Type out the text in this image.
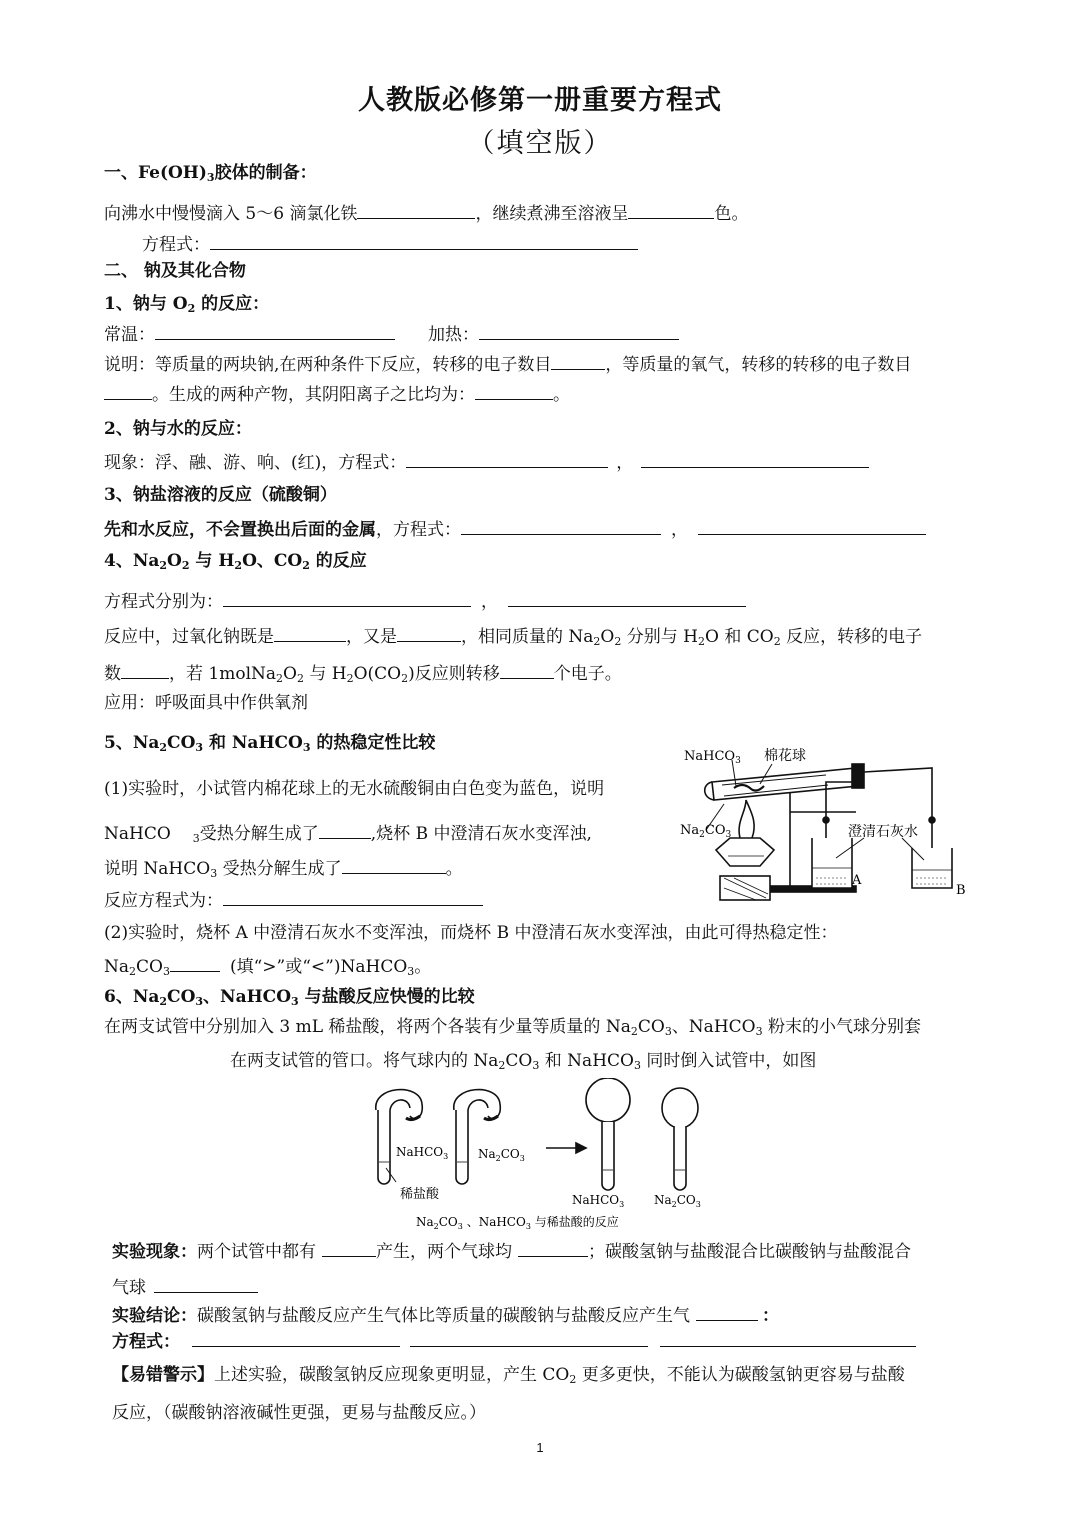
人教版必修第一册重要方程式
（填空版）
一、$Fe(OH)_3$胶体的制备：
向沸水中慢慢滴入 5～6 滴氯化铁	，继续煮沸至溶液呈	色。
方程式：
二、 钠及其化合物
1、钠与 $O_2$ 的反应：
常温：	加热：
说明：等质量的两块钠,在两种条件下反应，转移的电子数目	，等质量的氧气，转移的转移的电子数目
。生成的两种产物，其阴阳离子之比均为：	。
2、钠与水的反应：
现象：浮、融、游、响、(红)，方程式：	，
3、钠盐溶液的反应（硫酸铜）
先和水反应，不会置换出后面的金属，方程式：	，
4、$Na_2O_2$ 与 $H_2O$、$CO_2$ 的反应
方程式分别为：	，
反应中，过氧化钠既是	，又是	，相同质量的 $Na_2O_2$ 分别与 $H_2O$ 和 $CO_2$ 反应，转移的电子
数	，若 $1molNa_2O_2$ 与 $H_2O(CO_2)$反应则转移	个电子。
应用：呼吸面具中作供氧剂
5、$Na_2CO_3$ 和 NaHCO$_3$ 的热稳定性比较
(1)实验时，小试管内棉花球上的无水硫酸铜由白色变为蓝色，说明
NaHCO $_3$受热分解生成了	,烧杯 B 中澄清石灰水变浑浊,
说明 NaHCO$_3$ 受热分解生成了	。
反应方程式为：
(2)实验时，烧杯 A 中澄清石灰水不变浑浊，而烧杯 B 中澄清石灰水变浑浊，由此可得热稳定性：
$Na_2CO_3$	(填“>”或“<”)NaHCO$_3$。
NaHCO$_3$ 棉花球
$Na_2CO_3$	澄清石灰水
A
B
6、$Na_2CO_3$、NaHCO$_3$ 与盐酸反应快慢的比较
在两支试管中分别加入 3 mL 稀盐酸，将两个各装有少量等质量的 $Na_2CO_3$、NaHCO$_3$ 粉末的小气球分别套
在两支试管的管口。将气球内的 $Na_2CO_3$ 和 NaHCO$_3$ 同时倒入试管中，如图
NaHCO$_3$ $Na_2CO_3$
稀盐酸	NaHCO$_3$ $Na_2CO_3$
$Na_2CO_3$ 、NaHCO$_3$ 与稀盐酸的反应
实验现象：两个试管中都有	产生，两个气球均	；碳酸氢钠与盐酸混合比碳酸钠与盐酸混合
气球
实验结论：碳酸氢钠与盐酸反应产生气体比等质量的碳酸钠与盐酸反应产生气	：
方程式：
【易错警示】上述实验，碳酸氢钠反应现象更明显，产生 $CO_2$ 更多更快，不能认为碳酸氢钠更容易与盐酸
反应，（碳酸钠溶液碱性更强，更易与盐酸反应。）
1
